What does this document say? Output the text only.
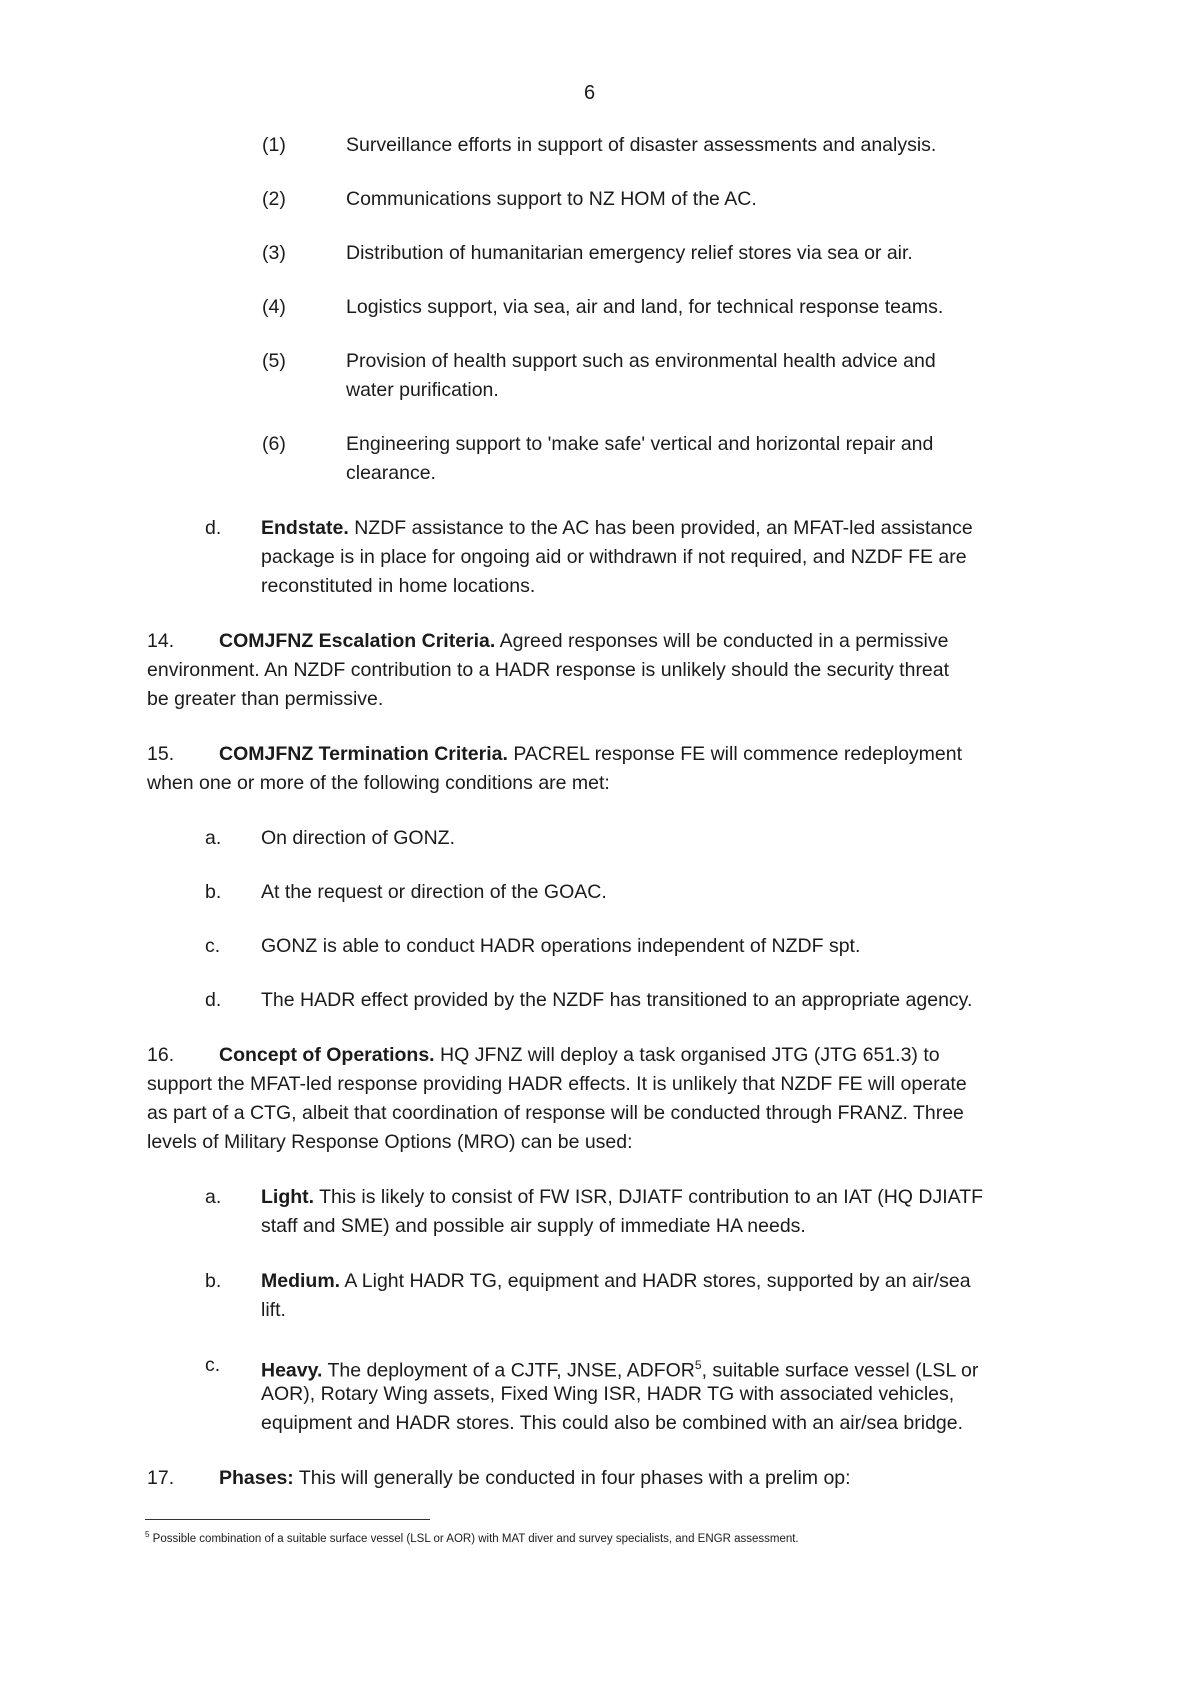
6
(1)	Surveillance efforts in support of disaster assessments and analysis.
(2)	Communications support to NZ HOM of the AC.
(3)	Distribution of humanitarian emergency relief stores via sea or air.
(4)	Logistics support, via sea, air and land, for technical response teams.
(5)	Provision of health support such as environmental health advice and
water purification.
(6)	Engineering support to 'make safe' vertical and horizontal repair and
clearance.
d. Endstate. NZDF assistance to the AC has been provided, an MFAT-led assistance
package is in place for ongoing aid or withdrawn if not required, and NZDF FE are
reconstituted in home locations.
14. COMJFNZ Escalation Criteria. Agreed responses will be conducted in a permissive
environment. An NZDF contribution to a HADR response is unlikely should the security threat
be greater than permissive.
15. COMJFNZ Termination Criteria. PACREL response FE will commence redeployment
when one or more of the following conditions are met:
a. On direction of GONZ.
b. At the request or direction of the GOAC.
c. GONZ is able to conduct HADR operations independent of NZDF spt.
d. The HADR effect provided by the NZDF has transitioned to an appropriate agency.
16. Concept of Operations. HQ JFNZ will deploy a task organised JTG (JTG 651.3) to
support the MFAT-led response providing HADR effects. It is unlikely that NZDF FE will operate
as part of a CTG, albeit that coordination of response will be conducted through FRANZ. Three
levels of Military Response Options (MRO) can be used:
a. Light. This is likely to consist of FW ISR, DJIATF contribution to an IAT (HQ DJIATF
staff and SME) and possible air supply of immediate HA needs.
b. Medium. A Light HADR TG, equipment and HADR stores, supported by an air/sea
lift.
c. Heavy. The deployment of a CJTF, JNSE, ADFOR$^5$, suitable surface vessel (LSL or
AOR), Rotary Wing assets, Fixed Wing ISR, HADR TG with associated vehicles,
equipment and HADR stores. This could also be combined with an air/sea bridge.
17. Phases: This will generally be conducted in four phases with a prelim op:
$^5$ Possible combination of a suitable surface vessel (LSL or AOR) with MAT diver and survey specialists, and ENGR assessment.
